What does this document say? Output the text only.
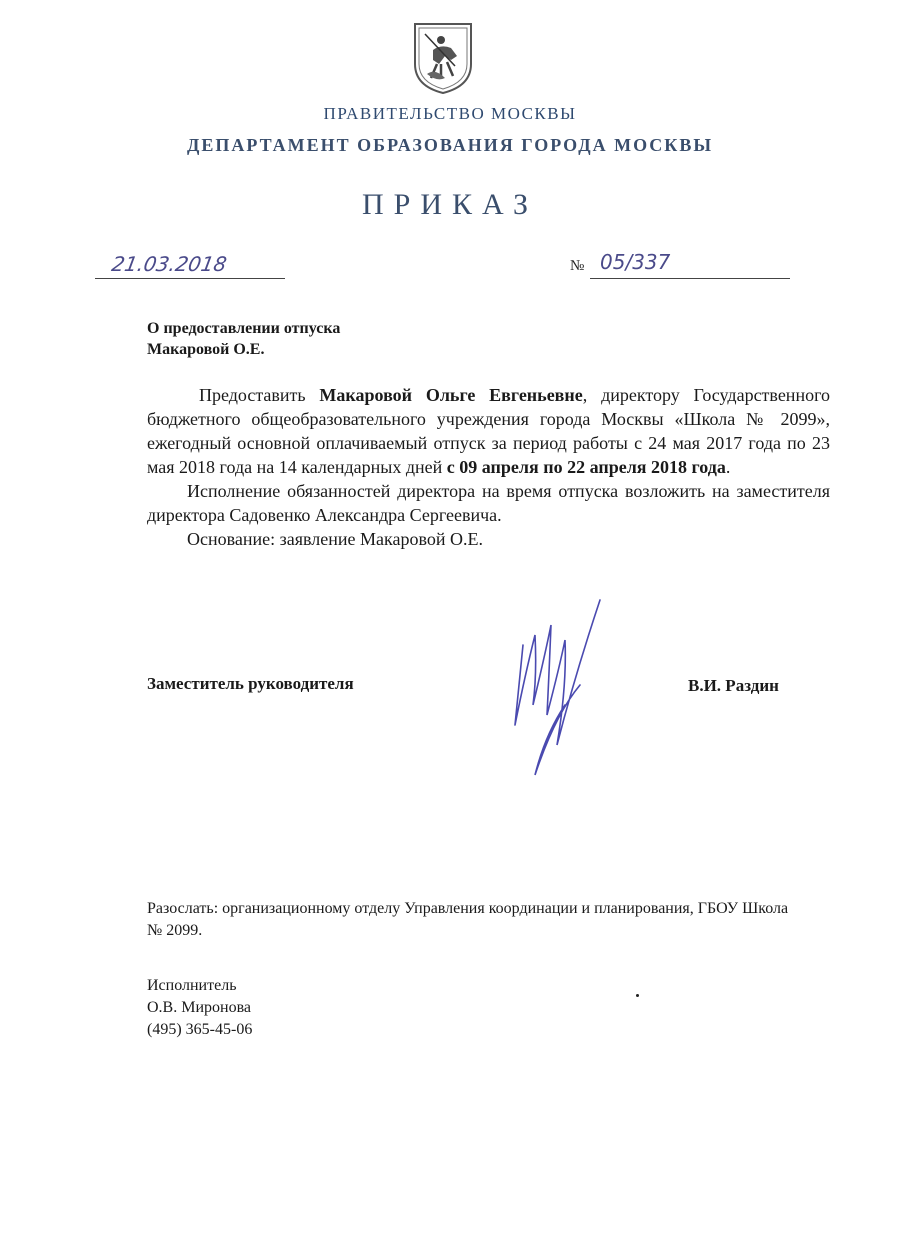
ПРАВИТЕЛЬСТВО МОСКВЫ
ДЕПАРТАМЕНТ ОБРАЗОВАНИЯ ГОРОДА МОСКВЫ
ПРИКАЗ
21.03.2018	№ 05/337
О предоставлении отпуска
Макаровой О.Е.

Предоставить Макаровой Ольге Евгеньевне, директору Государственного бюджетного общеобразовательного учреждения города Москвы «Школа № 2099», ежегодный основной оплачиваемый отпуск за период работы с 24 мая 2017 года по 23 мая 2018 года на 14 календарных дней с 09 апреля по 22 апреля 2018 года.

Исполнение обязанностей директора на время отпуска возложить на заместителя директора Садовенко Александра Сергеевича.

Основание: заявление Макаровой О.Е.

Заместитель руководителя	В.И. Раздин
Разослать: организационному отделу Управления координации и планирования, ГБОУ Школа № 2099.
Исполнитель
О.В. Миронова
(495) 365-45-06
